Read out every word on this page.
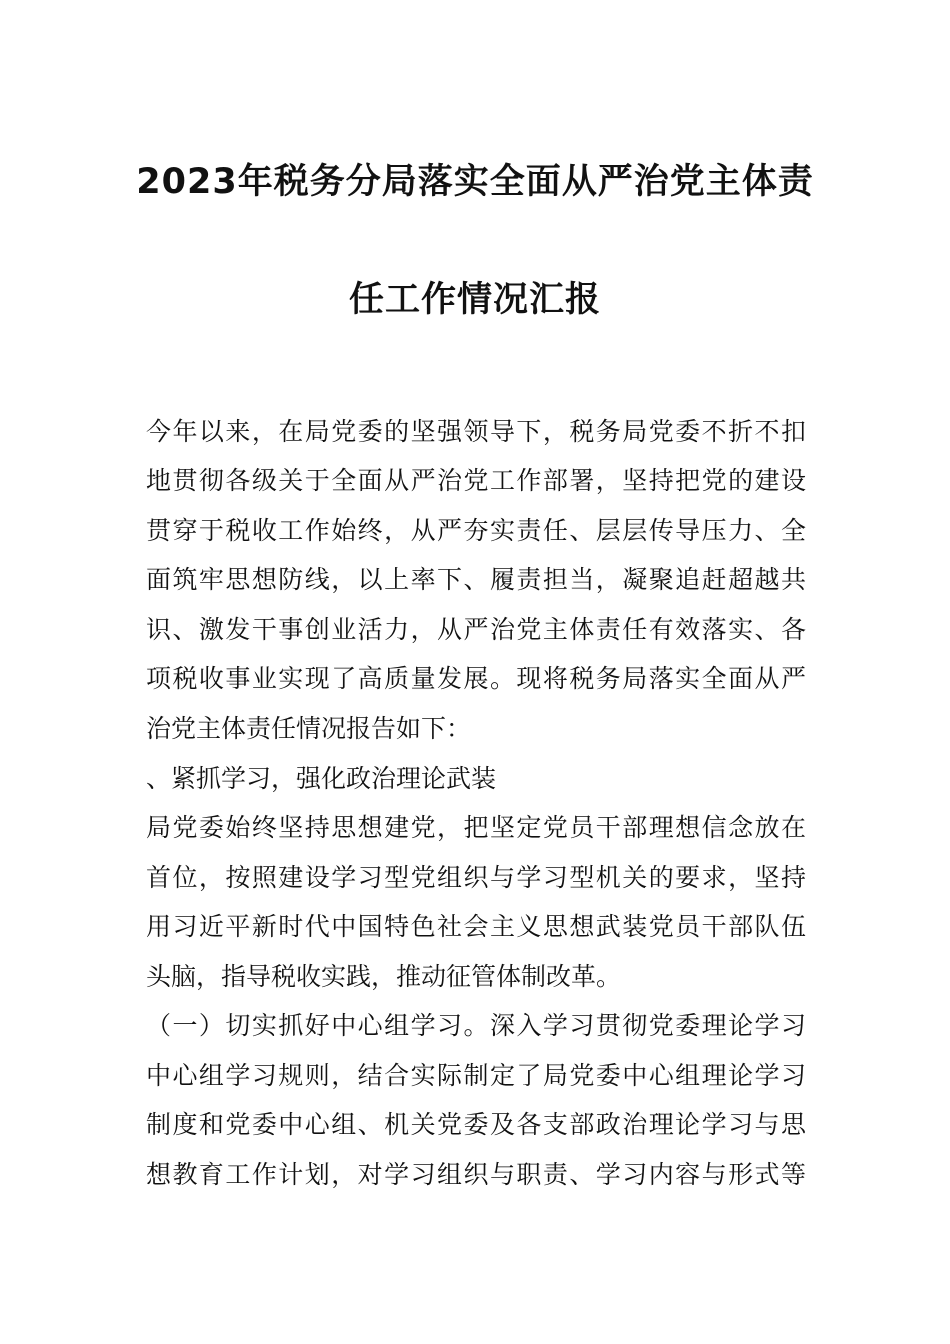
2023年税务分局落实全面从严治党主体责
任工作情况汇报
今年以来，在局党委的坚强领导下，税务局党委不折不扣
地贯彻各级关于全面从严治党工作部署，坚持把党的建设
贯穿于税收工作始终，从严夯实责任、层层传导压力、全
面筑牢思想防线，以上率下、履责担当，凝聚追赶超越共
识、激发干事创业活力，从严治党主体责任有效落实、各
项税收事业实现了高质量发展。现将税务局落实全面从严
治党主体责任情况报告如下：
、紧抓学习，强化政治理论武装
局党委始终坚持思想建党，把坚定党员干部理想信念放在
首位，按照建设学习型党组织与学习型机关的要求，坚持
用习近平新时代中国特色社会主义思想武装党员干部队伍
头脑，指导税收实践，推动征管体制改革。
（一）切实抓好中心组学习。深入学习贯彻党委理论学习
中心组学习规则，结合实际制定了局党委中心组理论学习
制度和党委中心组、机关党委及各支部政治理论学习与思
想教育工作计划，对学习组织与职责、学习内容与形式等
